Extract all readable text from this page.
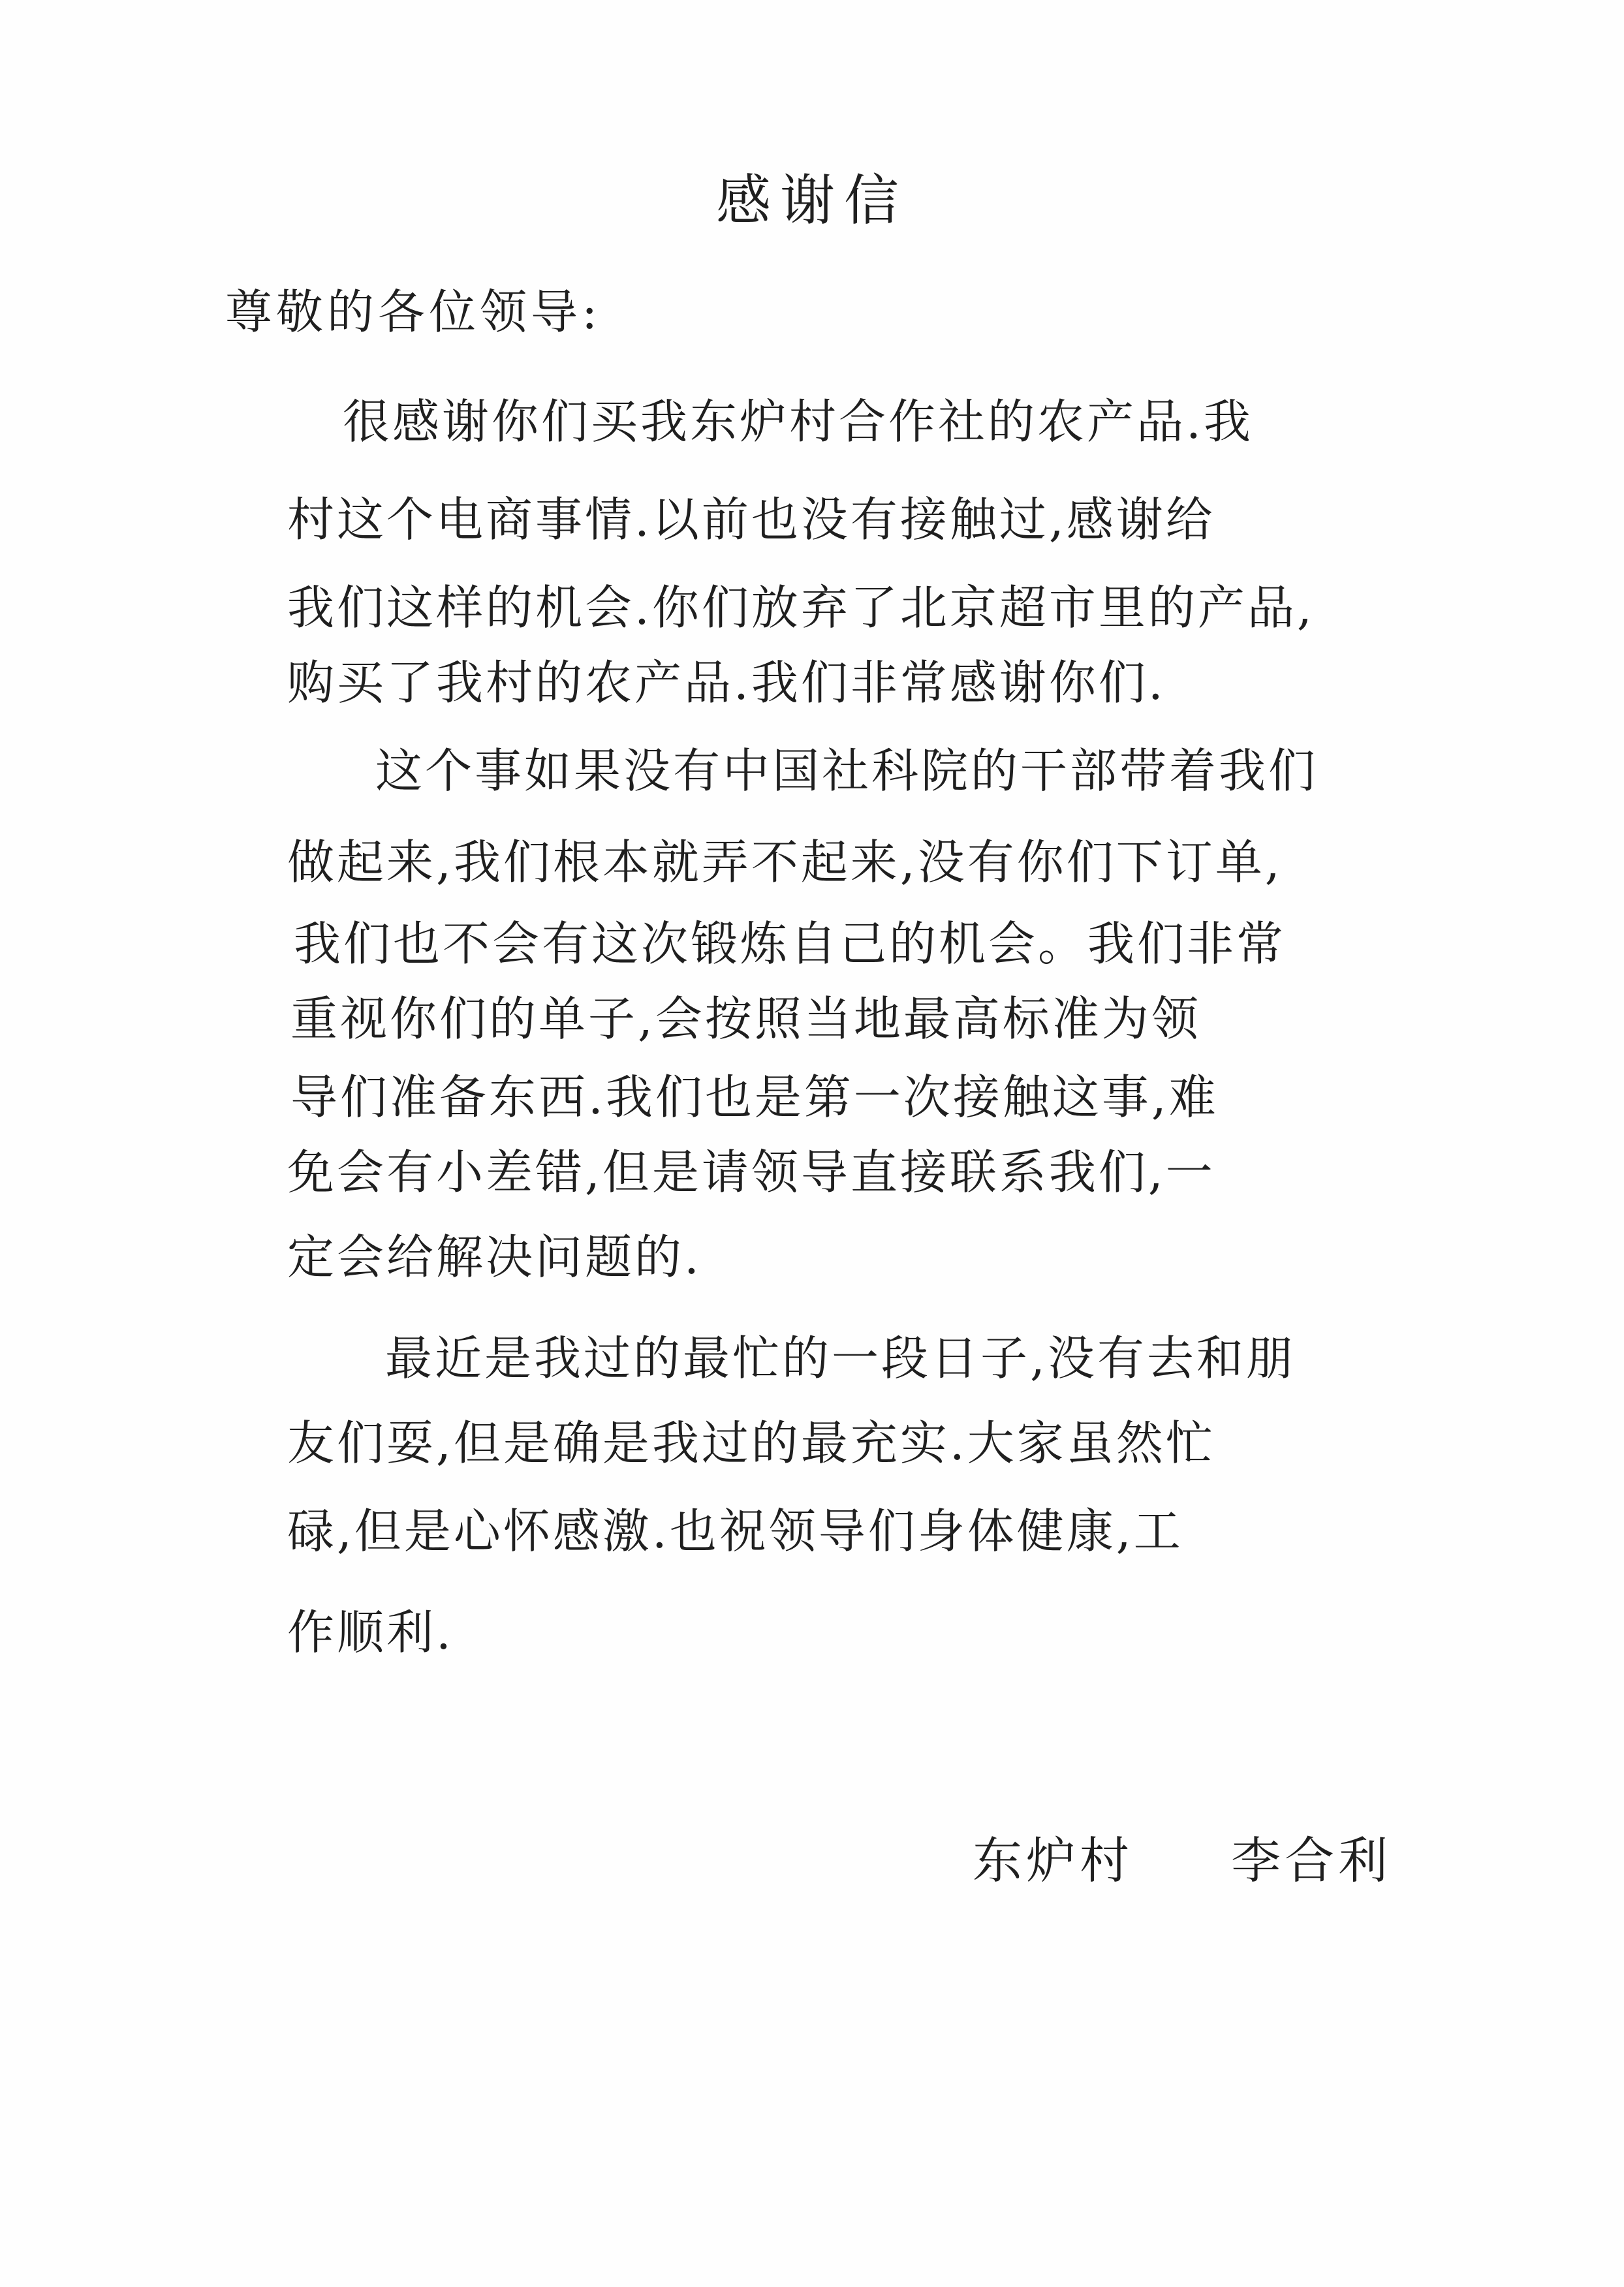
感谢信

尊敬的各位领导:

很感谢你们买我东炉村合作社的农产品.我

村这个电商事情.以前也没有接触过,感谢给

我们这样的机会.你们放弃了北京超市里的产品,

购买了我村的农产品.我们非常感谢你们.

这个事如果没有中国社科院的干部带着我们

做起来,我们根本就弄不起来,没有你们下订单,

我们也不会有这次锻炼自己的机会。我们非常

重视你们的单子,会按照当地最高标准为领

导们准备东西.我们也是第一次接触这事,难

免会有小差错,但是请领导直接联系我们,一

定会给解决问题的.

最近是我过的最忙的一段日子,没有去和朋

友们耍,但是确是我过的最充实.大家虽然忙

碌,但是心怀感激.也祝领导们身体健康,工

作顺利.

东炉村 李合利
